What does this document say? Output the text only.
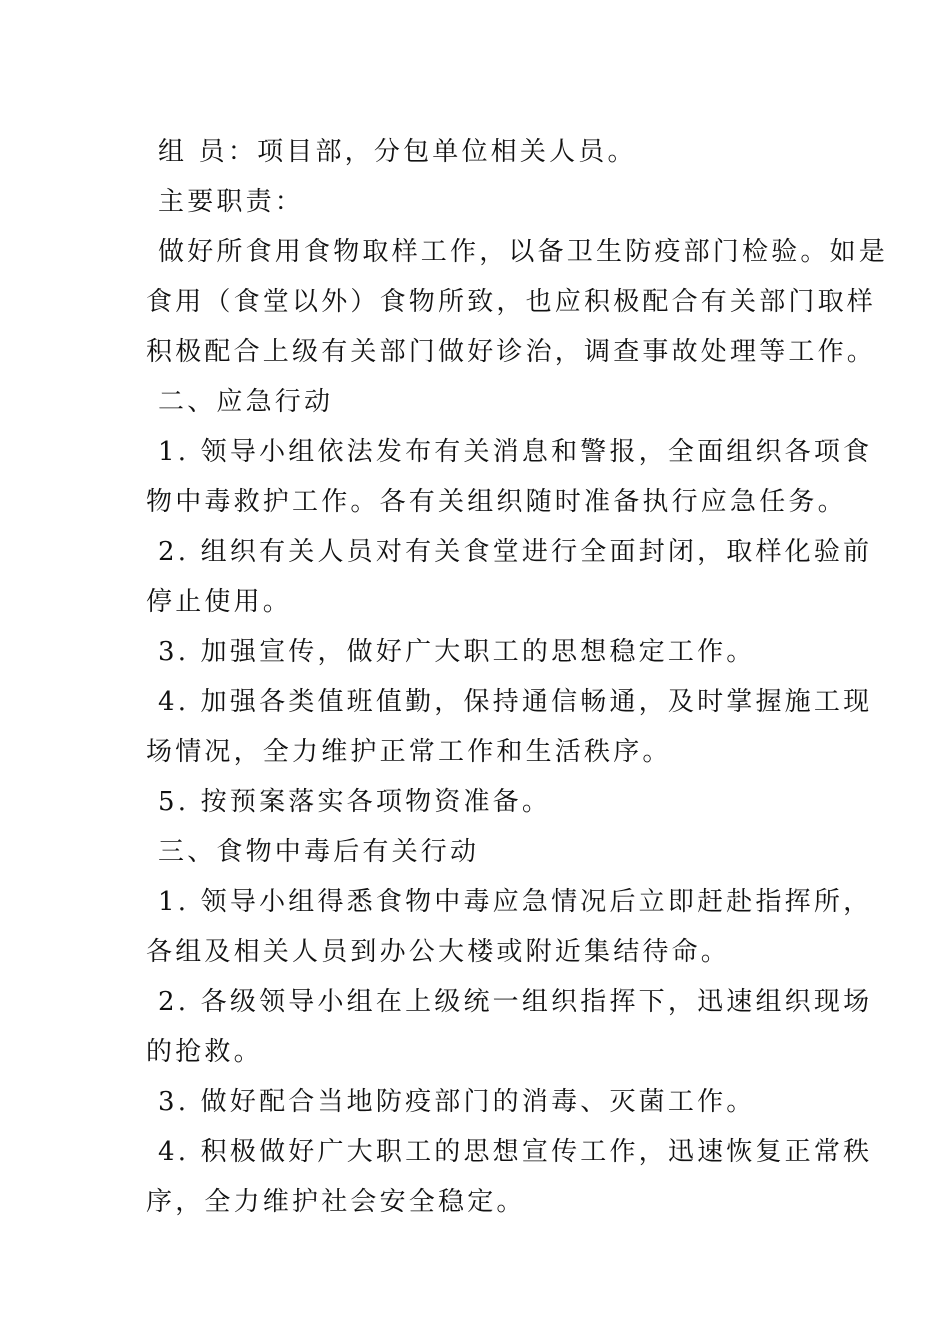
组 员：项目部，分包单位相关人员。
主要职责：
做好所食用食物取样工作，以备卫生防疫部门检验。如是
食用（食堂以外）食物所致，也应积极配合有关部门取样
积极配合上级有关部门做好诊治，调查事故处理等工作。
二、应急行动
1. 领导小组依法发布有关消息和警报，全面组织各项食
物中毒救护工作。各有关组织随时准备执行应急任务。
2. 组织有关人员对有关食堂进行全面封闭，取样化验前
停止使用。
3. 加强宣传，做好广大职工的思想稳定工作。
4. 加强各类值班值勤，保持通信畅通，及时掌握施工现
场情况，全力维护正常工作和生活秩序。
5. 按预案落实各项物资准备。
三、食物中毒后有关行动
1. 领导小组得悉食物中毒应急情况后立即赶赴指挥所，
各组及相关人员到办公大楼或附近集结待命。
2. 各级领导小组在上级统一组织指挥下，迅速组织现场
的抢救。
3. 做好配合当地防疫部门的消毒、灭菌工作。
4. 积极做好广大职工的思想宣传工作，迅速恢复正常秩
序，全力维护社会安全稳定。
